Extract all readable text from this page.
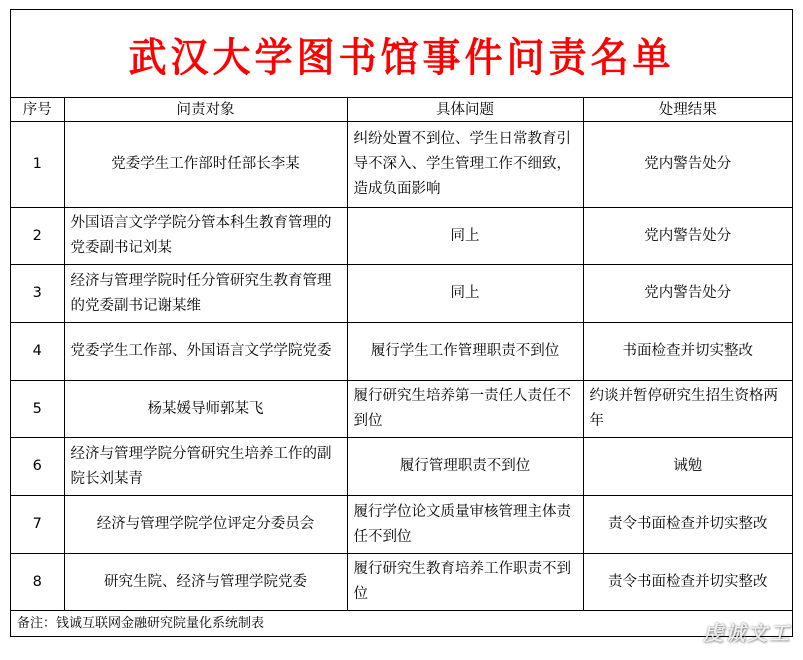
武汉大学图书馆事件问责名单
序号	问责对象	具体问题	处理结果
1	党委学生工作部时任部长李某	纠纷处置不到位、学生日常教育引导不深入、学生管理工作不细致，造成负面影响	党内警告处分
2	外国语言文学学院分管本科生教育管理的党委副书记刘某	同上	党内警告处分
3	经济与管理学院时任分管研究生教育管理的党委副书记谢某维	同上	党内警告处分
4	党委学生工作部、外国语言文学学院党委	履行学生工作管理职责不到位	书面检查并切实整改
5	杨某媛导师郭某飞	履行研究生培养第一责任人责任不到位	约谈并暂停研究生招生资格两年
6	经济与管理学院分管研究生培养工作的副院长刘某青	履行管理职责不到位	诫勉
7	经济与管理学院学位评定分委员会	履行学位论文质量审核管理主体责任不到位	责令书面检查并切实整改
8	研究生院、经济与管理学院党委	履行研究生教育培养工作职责不到位	责令书面检查并切实整改
备注：钱诚互联网金融研究院量化系统制表	虔诚文工
